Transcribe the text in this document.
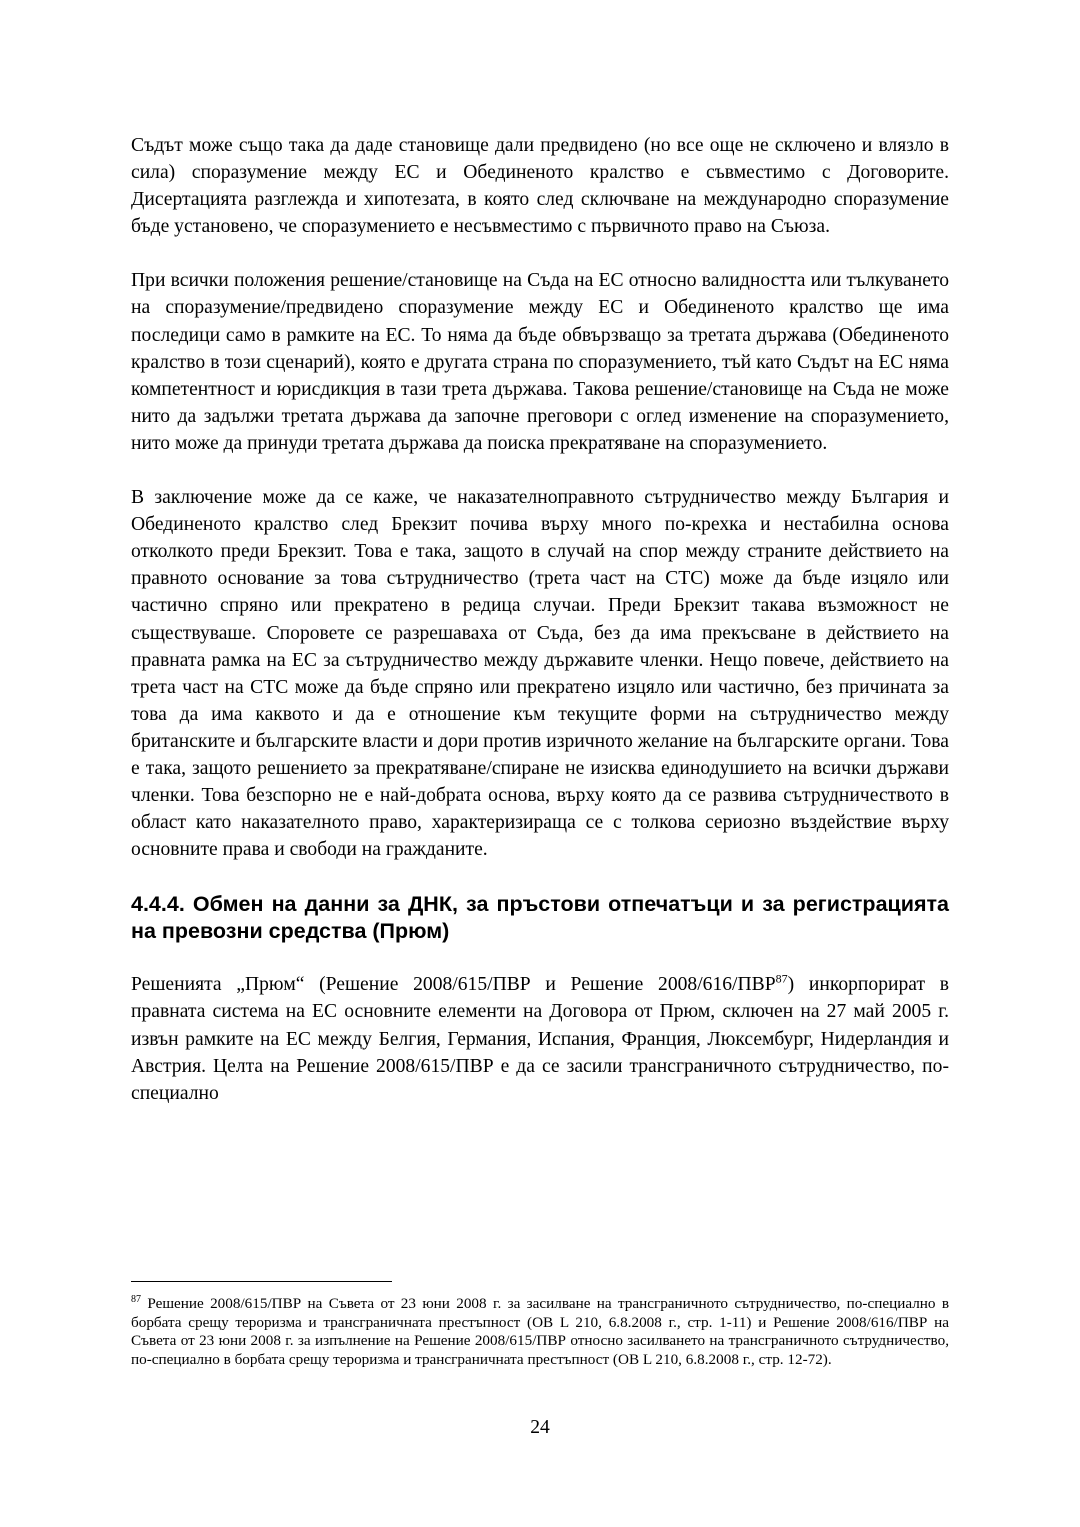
Съдът може също така да даде становище дали предвидено (но все още не сключено и влязло в сила) споразумение между ЕС и Обединеното кралство е съвместимо с Договорите. Дисертацията разглежда и хипотезата, в която след сключване на международно споразумение бъде установено, че споразумението е несъвместимо с първичното право на Съюза.

При всички положения решение/становище на Съда на ЕС относно валидността или тълкуването на споразумение/предвидено споразумение между ЕС и Обединеното кралство ще има последици само в рамките на ЕС. То няма да бъде обвързващо за третата държава (Обединеното кралство в този сценарий), която е другата страна по споразумението, тъй като Съдът на ЕС няма компетентност и юрисдикция в тази трета държава. Такова решение/становище на Съда не може нито да задължи третата държава да започне преговори с оглед изменение на споразумението, нито може да принуди третата държава да поиска прекратяване на споразумението.

В заключение може да се каже, че наказателноправното сътрудничество между България и Обединеното кралство след Брекзит почива върху много по-крехка и нестабилна основа отколкото преди Брекзит. Това е така, защото в случай на спор между страните действието на правното основание за това сътрудничество (трета част на СТС) може да бъде изцяло или частично спряно или прекратено в редица случаи. Преди Брекзит такава възможност не съществуваше. Споровете се разрешаваха от Съда, без да има прекъсване в действието на правната рамка на ЕС за сътрудничество между държавите членки. Нещо повече, действието на трета част на СТС може да бъде спряно или прекратено изцяло или частично, без причината за това да има каквото и да е отношение към текущите форми на сътрудничество между британските и българските власти и дори против изричното желание на българските органи. Това е така, защото решението за прекратяване/спиране не изисква единодушието на всички държави членки. Това безспорно не е най-добрата основа, върху която да се развива сътрудничеството в област като наказателното право, характеризираща се с толкова сериозно въздействие върху основните права и свободи на гражданите.

4.4.4. Обмен на данни за ДНК, за пръстови отпечатъци и за регистрацията на превозни средства (Прюм)

Решенията „Прюм“ (Решение 2008/615/ПВР и Решение 2008/616/ПВР$^{87}$) инкорпорират в правната система на ЕС основните елементи на Договора от Прюм, сключен на 27 май 2005 г. извън рамките на ЕС между Белгия, Германия, Испания, Франция, Люксембург, Нидерландия и Австрия. Целта на Решение 2008/615/ПВР е да се засили трансграничното сътрудничество, по-специално

$^{87}$ Решение 2008/615/ПВР на Съвета от 23 юни 2008 г. за засилване на трансграничното сътрудничество, по-специално в борбата срещу тероризма и трансграничната престъпност (ОВ L 210, 6.8.2008 г., стр. 1-11) и Решение 2008/616/ПВР на Съвета от 23 юни 2008 г. за изпълнение на Решение 2008/615/ПВР относно засилването на трансграничното сътрудничество, по-специално в борбата срещу тероризма и трансграничната престъпност (ОВ L 210, 6.8.2008 г., стр. 12-72).

24
